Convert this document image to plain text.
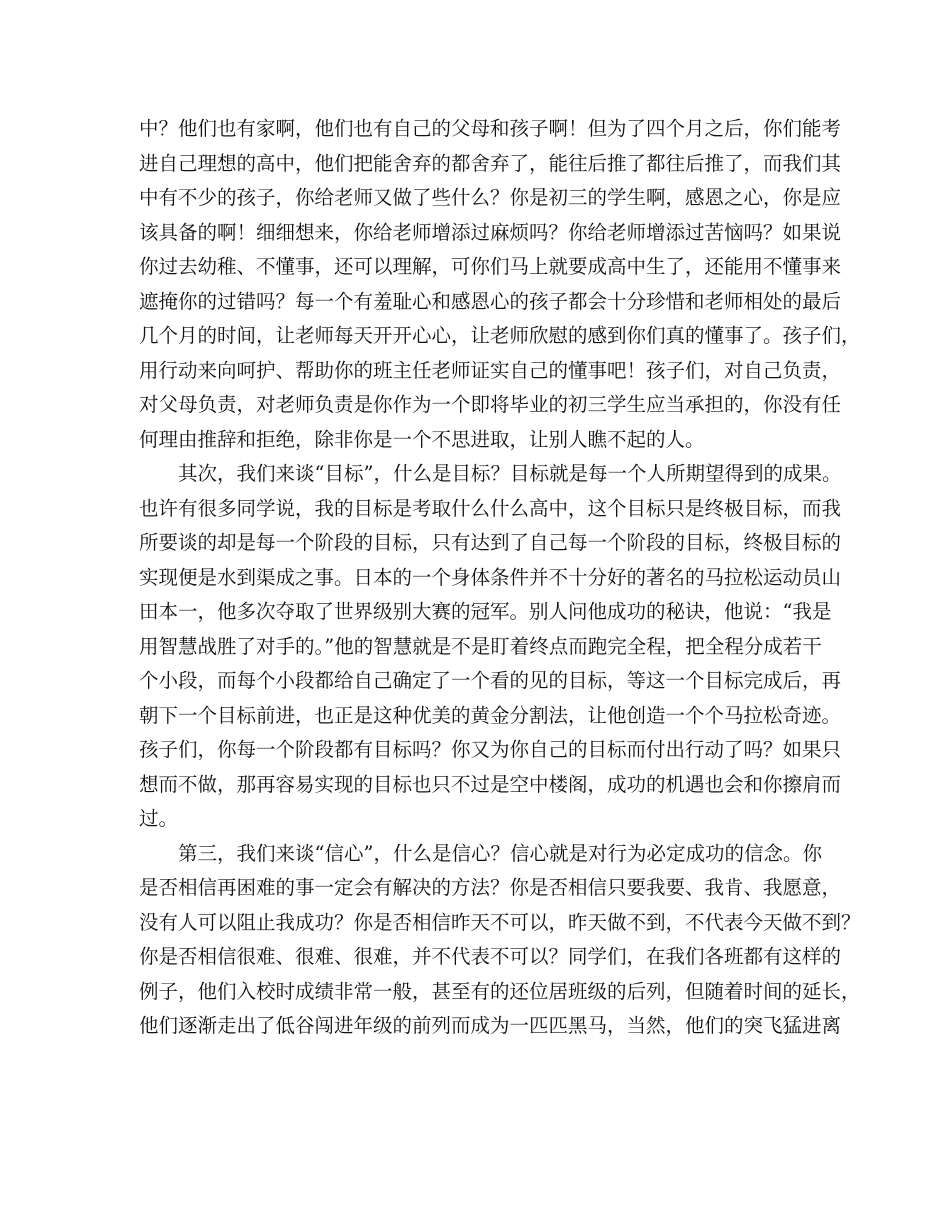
中？他们也有家啊，他们也有自己的父母和孩子啊！但为了四个月之后，你们能考
进自己理想的高中，他们把能舍弃的都舍弃了，能往后推了都往后推了，而我们其
中有不少的孩子，你给老师又做了些什么？你是初三的学生啊，感恩之心，你是应
该具备的啊！细细想来，你给老师增添过麻烦吗？你给老师增添过苦恼吗？如果说
你过去幼稚、不懂事，还可以理解，可你们马上就要成高中生了，还能用不懂事来
遮掩你的过错吗？每一个有羞耻心和感恩心的孩子都会十分珍惜和老师相处的最后
几个月的时间，让老师每天开开心心，让老师欣慰的感到你们真的懂事了。孩子们，
用行动来向呵护、帮助你的班主任老师证实自己的懂事吧！孩子们，对自己负责，
对父母负责，对老师负责是你作为一个即将毕业的初三学生应当承担的，你没有任
何理由推辞和拒绝，除非你是一个不思进取，让别人瞧不起的人。
　　其次，我们来谈“目标”，什么是目标？目标就是每一个人所期望得到的成果。
也许有很多同学说，我的目标是考取什么什么高中，这个目标只是终极目标，而我
所要谈的却是每一个阶段的目标，只有达到了自己每一个阶段的目标，终极目标的
实现便是水到渠成之事。日本的一个身体条件并不十分好的著名的马拉松运动员山
田本一，他多次夺取了世界级别大赛的冠军。别人问他成功的秘诀，他说：“我是
用智慧战胜了对手的。”他的智慧就是不是盯着终点而跑完全程，把全程分成若干
个小段，而每个小段都给自己确定了一个看的见的目标，等这一个目标完成后，再
朝下一个目标前进，也正是这种优美的黄金分割法，让他创造一个个马拉松奇迹。
孩子们，你每一个阶段都有目标吗？你又为你自己的目标而付出行动了吗？如果只
想而不做，那再容易实现的目标也只不过是空中楼阁，成功的机遇也会和你擦肩而
过。
　　第三，我们来谈“信心”，什么是信心？信心就是对行为必定成功的信念。你
是否相信再困难的事一定会有解决的方法？你是否相信只要我要、我肯、我愿意，
没有人可以阻止我成功？你是否相信昨天不可以，昨天做不到，不代表今天做不到？
你是否相信很难、很难、很难，并不代表不可以？同学们，在我们各班都有这样的
例子，他们入校时成绩非常一般，甚至有的还位居班级的后列，但随着时间的延长，
他们逐渐走出了低谷闯进年级的前列而成为一匹匹黑马，当然，他们的突飞猛进离
